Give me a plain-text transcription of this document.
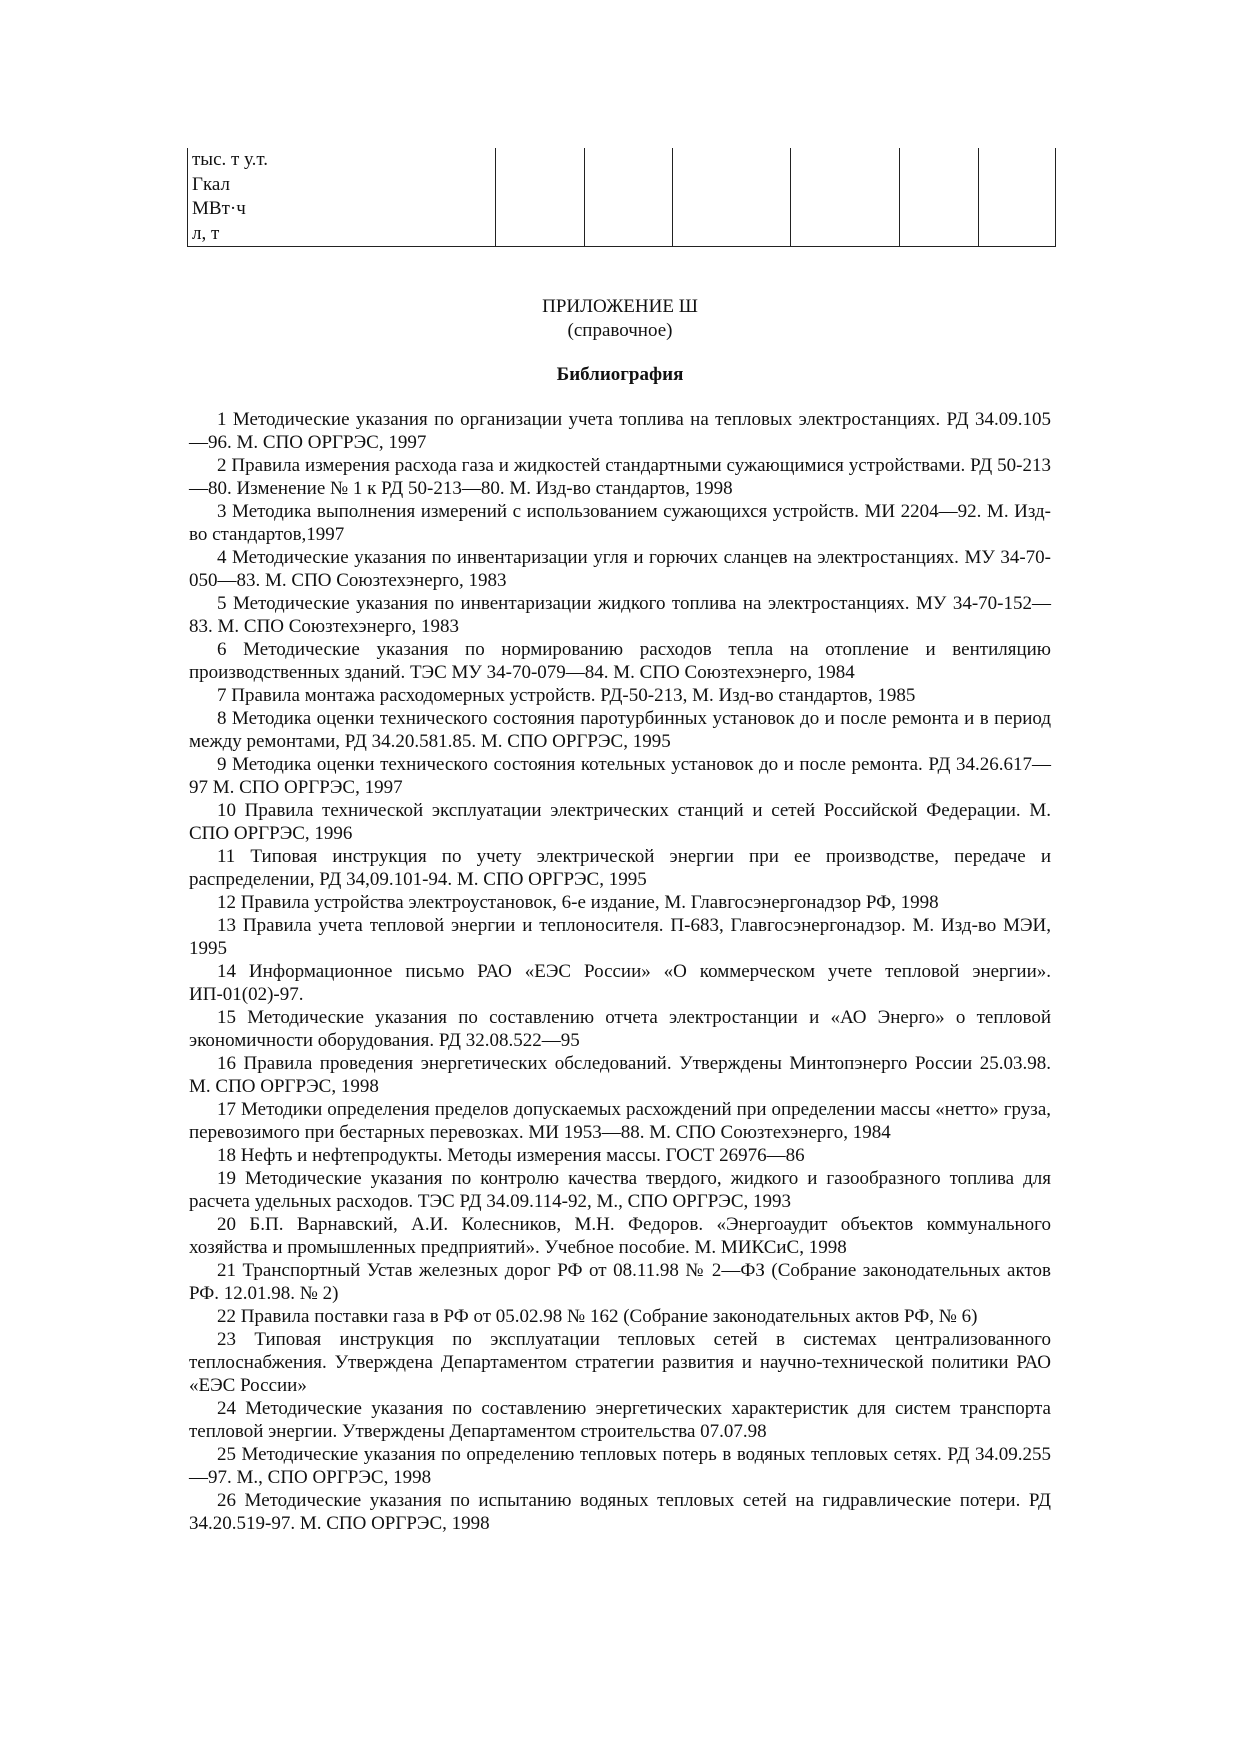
тыс. т у.т.
Гкал
МВт·ч
л, т

ПРИЛОЖЕНИЕ Ш
(справочное)
Библиография

1 Методические указания по организации учета топлива на тепловых электростанциях. РД 34.09.105—96. М. СПО ОРГРЭС, 1997

2 Правила измерения расхода газа и жидкостей стандартными сужающимися устройствами. РД 50-213—80. Изменение № 1 к РД 50-213—80. М. Изд-во стандартов, 1998

3 Методика выполнения измерений с использованием сужающихся устройств. МИ 2204—92. М. Изд-во стандартов,1997

4 Методические указания по инвентаризации угля и горючих сланцев на электростанциях. МУ 34-70-050—83. М. СПО Союзтехэнерго, 1983

5 Методические указания по инвентаризации жидкого топлива на электростанциях. МУ 34-70-152—83. М. СПО Союзтехэнерго, 1983

6 Методические указания по нормированию расходов тепла на отопление и вентиляцию производственных зданий. ТЭС МУ 34-70-079—84. М. СПО Союзтехэнерго, 1984

7 Правила монтажа расходомерных устройств. РД-50-213, М. Изд-во стандартов, 1985

8 Методика оценки технического состояния паротурбинных установок до и после ремонта и в период между ремонтами, РД 34.20.581.85. М. СПО ОРГРЭС, 1995

9 Методика оценки технического состояния котельных установок до и после ремонта. РД 34.26.617—97 М. СПО ОРГРЭС, 1997

10 Правила технической эксплуатации электрических станций и сетей Российской Федерации. М. СПО ОРГРЭС, 1996

11 Типовая инструкция по учету электрической энергии при ее производстве, передаче и распределении, РД 34,09.101-94. М. СПО ОРГРЭС, 1995

12 Правила устройства электроустановок, 6-е издание, М. Главгосэнергонадзор РФ, 1998

13 Правила учета тепловой энергии и теплоносителя. П-683, Главгосэнергонадзор. М. Изд-во МЭИ, 1995

14 Информационное письмо РАО «ЕЭС России» «О коммерческом учете тепловой энергии». ИП-01(02)-97.

15 Методические указания по составлению отчета электростанции и «АО Энерго» о тепловой экономичности оборудования. РД 32.08.522—95

16 Правила проведения энергетических обследований. Утверждены Минтопэнерго России 25.03.98. М. СПО ОРГРЭС, 1998

17 Методики определения пределов допускаемых расхождений при определении массы «нетто» груза, перевозимого при бестарных перевозках. МИ 1953—88. М. СПО Союзтехэнерго, 1984

18 Нефть и нефтепродукты. Методы измерения массы. ГОСТ 26976—86

19 Методические указания по контролю качества твердого, жидкого и газообразного топлива для расчета удельных расходов. ТЭС РД 34.09.114-92, М., СПО ОРГРЭС, 1993

20 Б.П. Варнавский, А.И. Колесников, М.Н. Федоров. «Энергоаудит объектов коммунального хозяйства и промышленных предприятий». Учебное пособие. М. МИКСиС, 1998

21 Транспортный Устав железных дорог РФ от 08.11.98 № 2—ФЗ (Собрание законодательных актов РФ. 12.01.98. № 2)

22 Правила поставки газа в РФ от 05.02.98 № 162 (Собрание законодательных актов РФ, № 6)

23 Типовая инструкция по эксплуатации тепловых сетей в системах централизованного теплоснабжения. Утверждена Департаментом стратегии развития и научно-технической политики РАО «ЕЭС России»

24 Методические указания по составлению энергетических характеристик для систем транспорта тепловой энергии. Утверждены Департаментом строительства 07.07.98

25 Методические указания по определению тепловых потерь в водяных тепловых сетях. РД 34.09.255—97. М., СПО ОРГРЭС, 1998

26 Методические указания по испытанию водяных тепловых сетей на гидравлические потери. РД 34.20.519-97. М. СПО ОРГРЭС, 1998
